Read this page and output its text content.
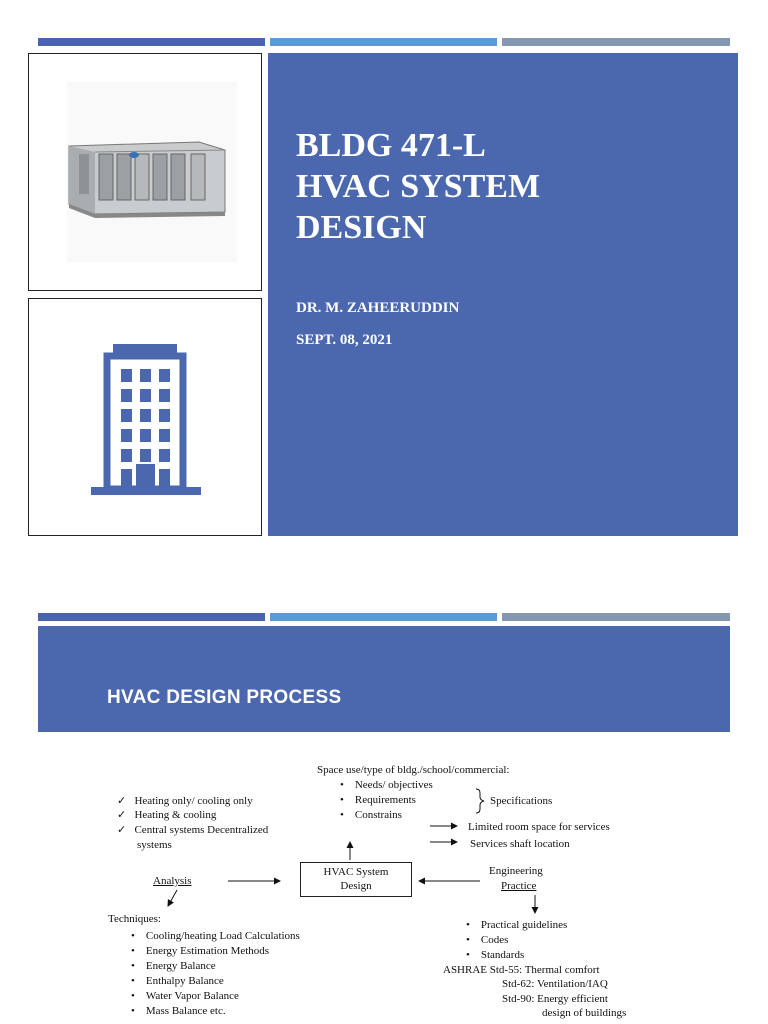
BLDG 471-L
HVAC SYSTEM
DESIGN
DR. M. ZAHEERUDDIN
SEPT. 08, 2021
HVAC DESIGN PROCESS
Space use/type of bldg./school/commercial:
•    Needs/ objectives
•    Requirements
•    Constrains
Specifications
Limited room space for services
Services shaft location
✓   Heating only/ cooling only
✓   Heating & cooling
✓   Central systems Decentralized
systems
Analysis
HVAC System
Design
Engineering
Practice
Techniques:
•    Cooling/heating Load Calculations
•    Energy Estimation Methods
•    Energy Balance
•    Enthalpy Balance
•    Water Vapor Balance
•    Mass Balance etc.
•    Practical guidelines
•    Codes
•    Standards
ASHRAE Std-55: Thermal comfort
Std-62: Ventilation/IAQ
Std-90: Energy efficient
design of buildings
